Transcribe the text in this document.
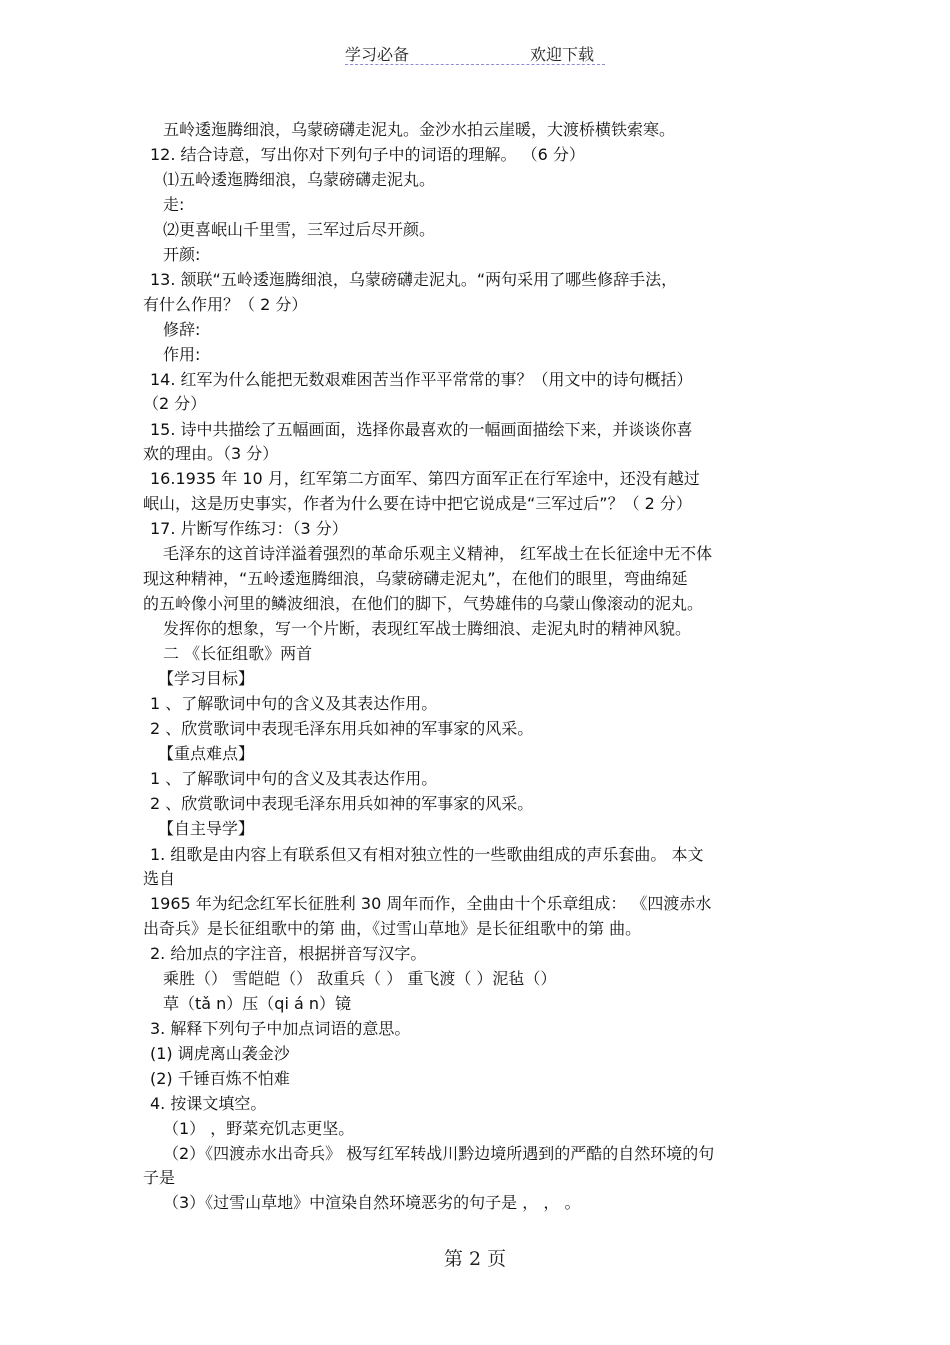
学习必备	欢迎下载
五岭逶迤腾细浪，乌蒙磅礴走泥丸。金沙水拍云崖暖，大渡桥横铁索寒。
12. 结合诗意，写出你对下列句子中的词语的理解。 （6 分）
⑴五岭逶迤腾细浪，乌蒙磅礴走泥丸。
走:
⑵更喜岷山千里雪，三军过后尽开颜。
开颜:
13. 颔联“五岭逶迤腾细浪，乌蒙磅礴走泥丸。“两句采用了哪些修辞手法，
有什么作用？（ 2 分）
修辞:
作用:
14. 红军为什么能把无数艰难困苦当作平平常常的事？（用文中的诗句概括）
（2 分）
15. 诗中共描绘了五幅画面，选择你最喜欢的一幅画面描绘下来，并谈谈你喜
欢的理由。（3 分）
16.1935 年 10 月，红军第二方面军、第四方面军正在行军途中，还没有越过
岷山，这是历史事实，作者为什么要在诗中把它说成是“三军过后”？（ 2 分）
17. 片断写作练习：（3 分）
毛泽东的这首诗洋溢着强烈的革命乐观主义精神， 红军战士在长征途中无不体
现这种精神，“五岭逶迤腾细浪，乌蒙磅礴走泥丸”，在他们的眼里，弯曲绵延
的五岭像小河里的鳞波细浪，在他们的脚下，气势雄伟的乌蒙山像滚动的泥丸。
发挥你的想象，写一个片断，表现红军战士腾细浪、走泥丸时的精神风貌。
二 《长征组歌》两首
【学习目标】
1 、了解歌词中句的含义及其表达作用。
2 、欣赏歌词中表现毛泽东用兵如神的军事家的风采。
【重点难点】
1 、了解歌词中句的含义及其表达作用。
2 、欣赏歌词中表现毛泽东用兵如神的军事家的风采。
【自主导学】
1. 组歌是由内容上有联系但又有相对独立性的一些歌曲组成的声乐套曲。 本文
选自
1965 年为纪念红军长征胜利 30 周年而作，全曲由十个乐章组成： 《四渡赤水
出奇兵》是长征组歌中的第 曲，《过雪山草地》是长征组歌中的第 曲。
2. 给加点的字注音，根据拼音写汉字。
乘胜（） 雪皑皑（） 敌重兵（ ） 重飞渡（ ）泥毡（）
草（tǎ n）压（qi á n）镜
3. 解释下列句子中加点词语的意思。
(1) 调虎离山袭金沙
(2) 千锤百炼不怕难
4. 按课文填空。
（1） ，野菜充饥志更坚。
（2）《四渡赤水出奇兵》 极写红军转战川黔边境所遇到的严酷的自然环境的句
子是
（3）《过雪山草地》中渲染自然环境恶劣的句子是 ， ， 。
第 2 页
